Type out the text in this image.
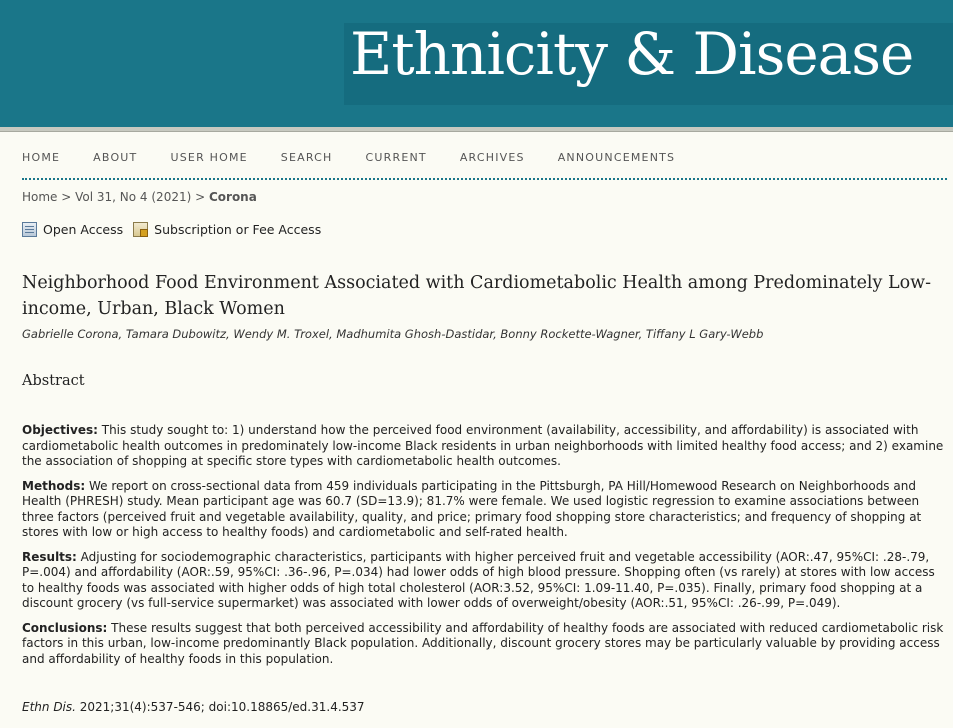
Ethnicity & Disease
HOME	ABOUT	USER HOME	SEARCH	CURRENT	ARCHIVES	ANNOUNCEMENTS
Home > Vol 31, No 4 (2021) > Corona
Open Access Subscription or Fee Access
Neighborhood Food Environment Associated with Cardiometabolic Health among Predominately Low-income, Urban, Black Women
Gabrielle Corona, Tamara Dubowitz, Wendy M. Troxel, Madhumita Ghosh-Dastidar, Bonny Rockette-Wagner, Tiffany L Gary-Webb
Abstract

Objectives: This study sought to: 1) understand how the perceived food environment (availability, accessibility, and affordability) is associated with cardiometabolic health outcomes in predominately low-income Black residents in urban neighborhoods with limited healthy food access; and 2) examine the association of shopping at specific store types with cardiometabolic health outcomes.

Methods: We report on cross-sectional data from 459 individuals participating in the Pittsburgh, PA Hill/Homewood Research on Neighborhoods and Health (PHRESH) study. Mean participant age was 60.7 (SD=13.9); 81.7% were female. We used logistic regression to examine associations between three factors (perceived fruit and vegetable availability, quality, and price; primary food shopping store characteristics; and frequency of shopping at stores with low or high access to healthy foods) and cardiometabolic and self-rated health.

Results: Adjusting for sociodemographic characteristics, participants with higher perceived fruit and vegetable accessibility (AOR:.47, 95%CI: .28-.79, P=.004) and affordability (AOR:.59, 95%CI: .36-.96, P=.034) had lower odds of high blood pressure. Shopping often (vs rarely) at stores with low access to healthy foods was associated with higher odds of high total cholesterol (AOR:3.52, 95%CI: 1.09-11.40, P=.035). Finally, primary food shopping at a discount grocery (vs full-service supermarket) was associated with lower odds of overweight/obesity (AOR:.51, 95%CI: .26-.99, P=.049).

Conclusions: These results suggest that both perceived accessibility and affordability of healthy foods are associated with reduced cardiometabolic risk factors in this urban, low-income predominantly Black population. Additionally, discount grocery stores may be particularly valuable by providing access and affordability of healthy foods in this population.

Ethn Dis. 2021;31(4):537-546; doi:10.18865/ed.31.4.537
